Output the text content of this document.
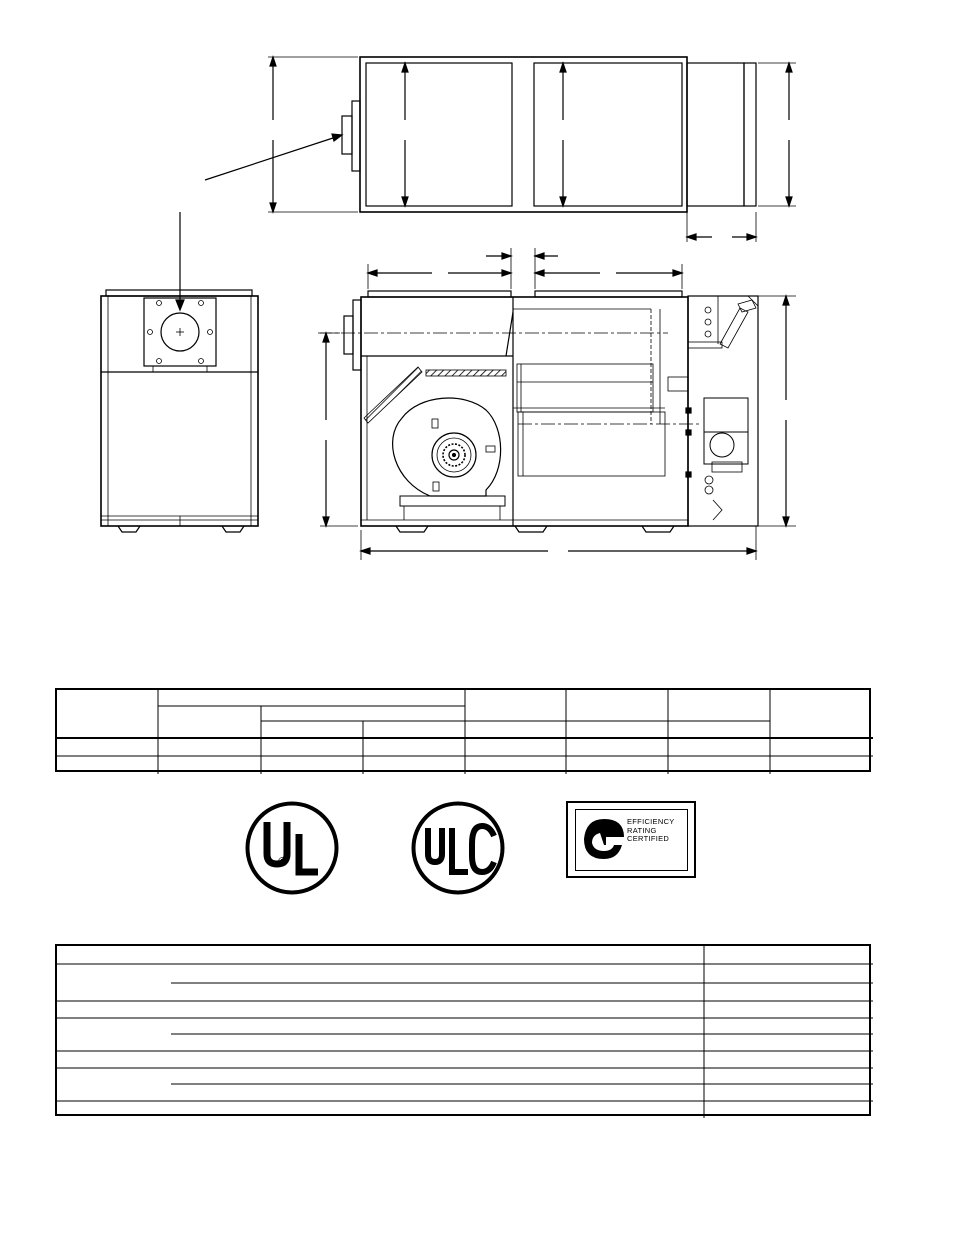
®
EFFICIENCY
RATING
CERTIFIED
